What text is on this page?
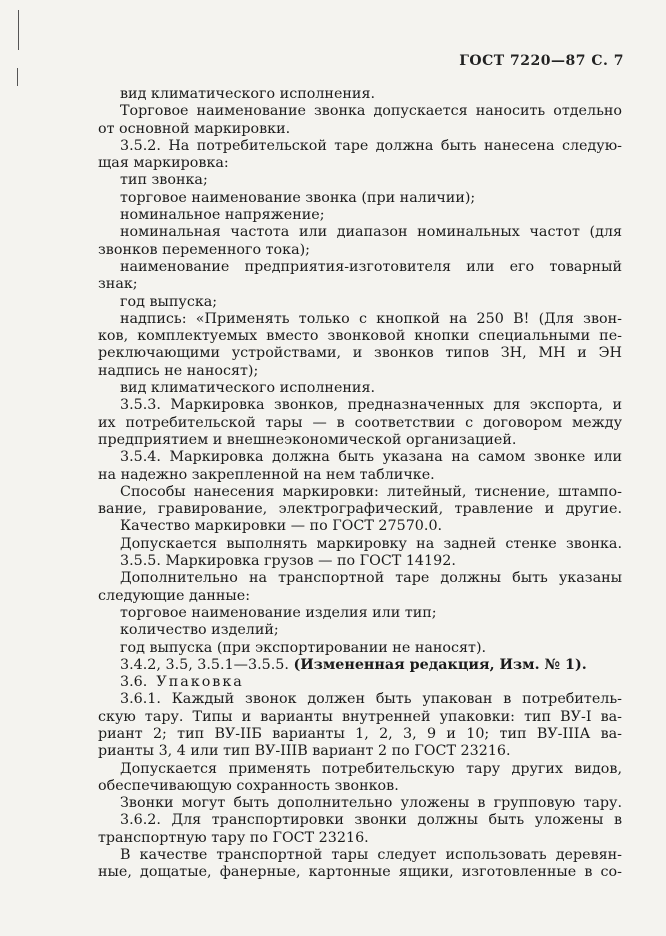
ГОСТ 7220—87 С. 7
вид климатического исполнения.
Торговое наименование звонка допускается наносить отдельно
от основной маркировки.
3.5.2. На потребительской таре должна быть нанесена следую-
щая маркировка:
тип звонка;
торговое наименование звонка (при наличии);
номинальное напряжение;
номинальная частота или диапазон номинальных частот (для
звонков переменного тока);
наименование предприятия-изготовителя или его товарный
знак;
год выпуска;
надпись: «Применять только с кнопкой на 250 В! (Для звон-
ков, комплектуемых вместо звонковой кнопки специальными пе-
реключающими устройствами, и звонков типов ЗН, МН и ЭН
надпись не наносят);
вид климатического исполнения.
3.5.3. Маркировка звонков, предназначенных для экспорта, и
их потребительской тары — в соответствии с договором между
предприятием и внешнеэкономической организацией.
3.5.4. Маркировка должна быть указана на самом звонке или
на надежно закрепленной на нем табличке.
Способы нанесения маркировки: литейный, тиснение, штампо-
вание, гравирование, электрографический, травление и другие.
Качество маркировки — по ГОСТ 27570.0.
Допускается выполнять маркировку на задней стенке звонка.
3.5.5. Маркировка грузов — по ГОСТ 14192.
Дополнительно на транспортной таре должны быть указаны
следующие данные:
торговое наименование изделия или тип;
количество изделий;
год выпуска (при экспортировании не наносят).
3.4.2, 3.5, 3.5.1—3.5.5. (Измененная редакция, Изм. № 1).
3.6.  Упаковка
3.6.1. Каждый звонок должен быть упакован в потребитель-
скую тару. Типы и варианты внутренней упаковки: тип ВУ-I ва-
риант 2; тип ВУ-IIБ варианты 1, 2, 3, 9 и 10; тип ВУ-IIIА ва-
рианты 3, 4 или тип ВУ-IIIВ вариант 2 по ГОСТ 23216.
Допускается применять потребительскую тару других видов,
обеспечивающую сохранность звонков.
Звонки могут быть дополнительно уложены в групповую тару.
3.6.2. Для транспортировки звонки должны быть уложены в
транспортную тару по ГОСТ 23216.
В качестве транспортной тары следует использовать деревян-
ные, дощатые, фанерные, картонные ящики, изготовленные в со-
